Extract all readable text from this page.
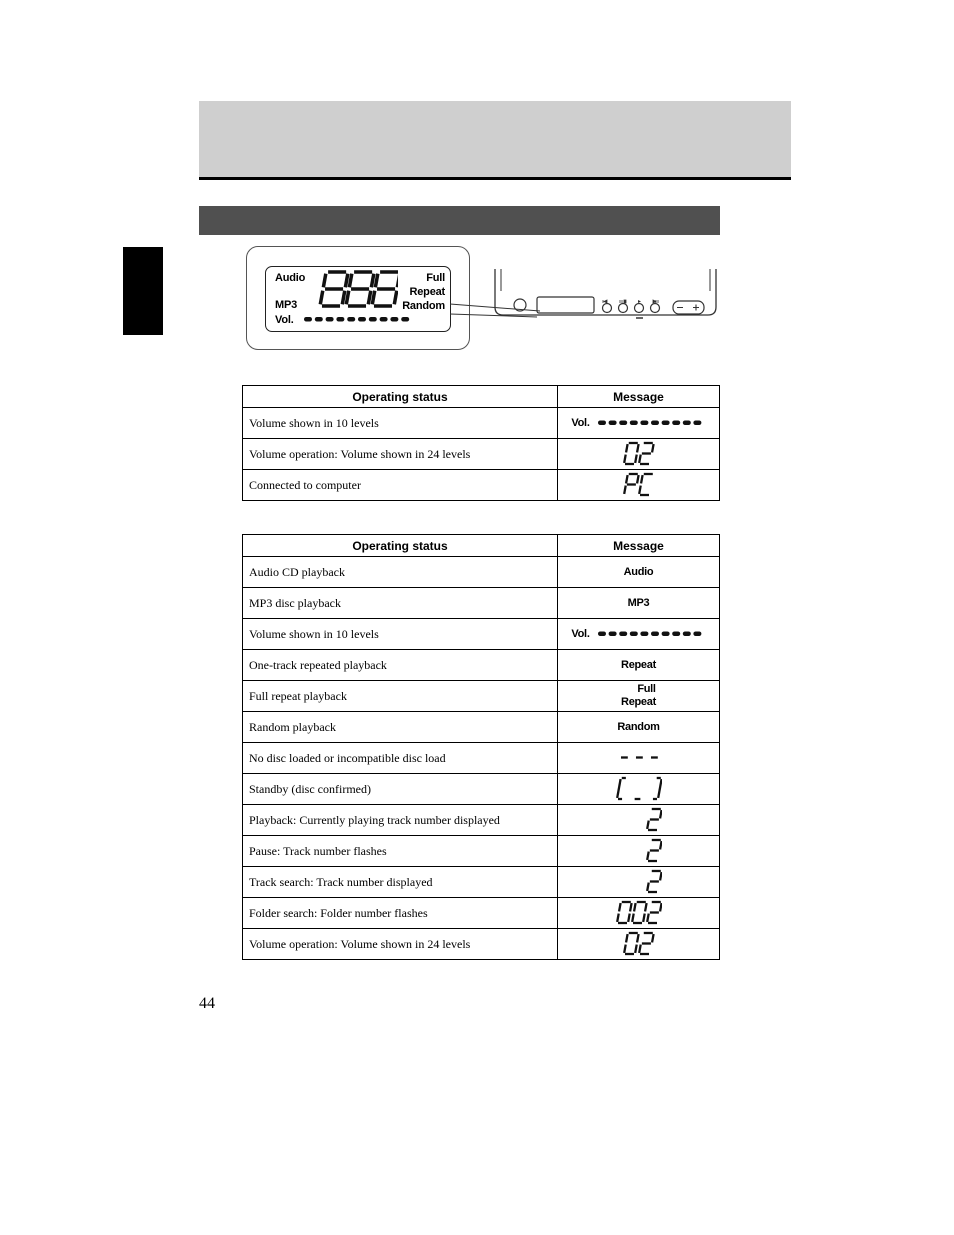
Audio
MP3
Vol.
Full
Repeat
Random
Operating status	Message
Volume shown in 10 levels	Vol.

Volume operation: Volume shown in 24 levels	

Connected to computer	
Operating status	Message
Audio CD playback	Audio

MP3 disc playback	MP3

Volume shown in 10 levels	Vol.

One-track repeated playback	Repeat

Full repeat playback	Full
Repeat

Random playback	Random

No disc loaded or incompatible disc load	

Standby (disc confirmed)	

Playback: Currently playing track number displayed	

Pause: Track number flashes	

Track search: Track number displayed	

Folder search: Folder number flashes	

Volume operation: Volume shown in 24 levels	
44
